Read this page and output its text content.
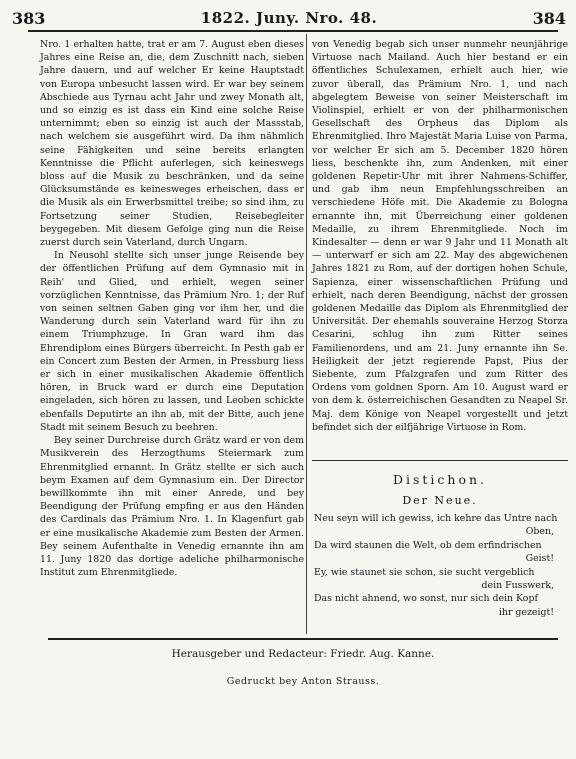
383	1822. Juny. Nro. 48.	384

Nro. 1 erhalten hatte, trat er am 7. August eben dieses Jahres eine Reise an, die, dem Zuschnitt nach, sieben Jahre dauern, und auf welcher Er keine Hauptstadt von Europa unbesucht lassen wird. Er war bey seinem Abschiede aus Tyrnau acht Jahr und zwey Monath alt, und so einzig es ist dass ein Kind eine solche Reise unternimmt; eben so einzig ist auch der Massstab, nach welchem sie ausgeführt wird. Da ihm nähmlich seine Fähigkeiten und seine bereits erlangten Kenntnisse die Pflicht auferlegen, sich keineswegs bloss auf die Musik zu beschränken, und da seine Glücksumstände es keinesweges erheischen, dass er die Musik als ein Erwerbsmittel treibe; so sind ihm, zu Fortsetzung seiner Studien, Reisebegleiter beygegeben. Mit diesem Gefolge ging nun die Reise zuerst durch sein Vaterland, durch Ungarn.

In Neusohl stellte sich unser junge Reisende bey der öffentlichen Prüfung auf dem Gymnasio mit in Reih' und Glied, und erhielt, wegen seiner vorzüglichen Kenntnisse, das Prämium Nro. 1; der Ruf von seinen seltnen Gaben ging vor ihm her, und die Wanderung durch sein Vaterland ward für ihn zu einem Triumphzuge. In Gran ward ihm das Ehrendiplom eines Bürgers überreicht. In Pesth gab er ein Concert zum Besten der Armen, in Pressburg liess er sich in einer musikalischen Akademie öffentlich hören, in Bruck ward er durch eine Deputation eingeladen, sich hören zu lassen, und Leoben schickte ebenfalls Deputirte an ihn ab, mit der Bitte, auch jene Stadt mit seinem Besuch zu beehren.

Bey seiner Durchreise durch Grätz ward er von dem Musikverein des Herzogthums Steiermark zum Ehrenmitglied ernannt. In Grätz stellte er sich auch beym Examen auf dem Gymnasium ein. Der Director bewillkommte ihn mit einer Anrede, und bey Beendigung der Prüfung empfing er aus den Händen des Cardinals das Prämium Nro. 1. In Klagenfurt gab er eine musikalische Akademie zum Besten der Armen. Bey seinem Aufenthalte in Venedig ernannte ihn am 11. Juny 1820 das dortige adeliche philharmonische Institut zum Ehrenmitgliede.

von Venedig begab sich unser nunmehr neunjährige Virtuose nach Mailand. Auch hier bestand er ein öffentliches Schulexamen, erhielt auch hier, wie zuvor überall, das Prämium Nro. 1, und nach abgelegtem Beweise von seiner Meisterschaft im Violinspiel, erhielt er von der philharmonischen Gesellschaft des Orpheus das Diplom als Ehrenmitglied. Ihro Majestät Maria Luise von Parma, vor welcher Er sich am 5. December 1820 hören liess, beschenkte ihn, zum Andenken, mit einer goldenen Repetir-Uhr mit ihrer Nahmens-Schiffer, und gab ihm neun Empfehlungsschreiben an verschiedene Höfe mit. Die Akademie zu Bologna ernannte ihn, mit Überreichung einer goldenen Medaille, zu ihrem Ehrenmitgliede. Noch im Kindesalter — denn er war 9 Jahr und 11 Monath alt — unterwarf er sich am 22. May des abgewichenen Jahres 1821 zu Rom, auf der dortigen hohen Schule, Sapienza, einer wissenschaftlichen Prüfung und erhielt, nach deren Beendigung, nächst der grossen goldenen Medaille das Diplom als Ehrenmitglied der Universität. Der ehemahls souveraine Herzog Storza Cesarini, schlug ihn zum Ritter seines Familienordens, und am 21. Juny ernannte ihn Se. Heiligkeit der jetzt regierende Papst, Pius der Siebente, zum Pfalzgrafen und zum Ritter des Ordens vom goldnen Sporn. Am 10. August ward er von dem k. österreichischen Gesandten zu Neapel Sr. Maj. dem Könige von Neapel vorgestellt und jetzt befindet sich der eilfjährige Virtuose in Rom.

Distichon.
Der Neue.
Neu seyn will ich gewiss, ich kehre das Untre nach
Oben,
Da wird staunen die Welt, ob dem erfindrischen
Geist!
Ey, wie staunet sie schon, sie sucht vergeblich
dein Fusswerk,
Das nicht ahnend, wo sonst, nur sich dein Kopf
ihr gezeigt!
Herausgeber und Redacteur: Friedr. Aug. Kanne.
Gedruckt bey Anton Strauss.
